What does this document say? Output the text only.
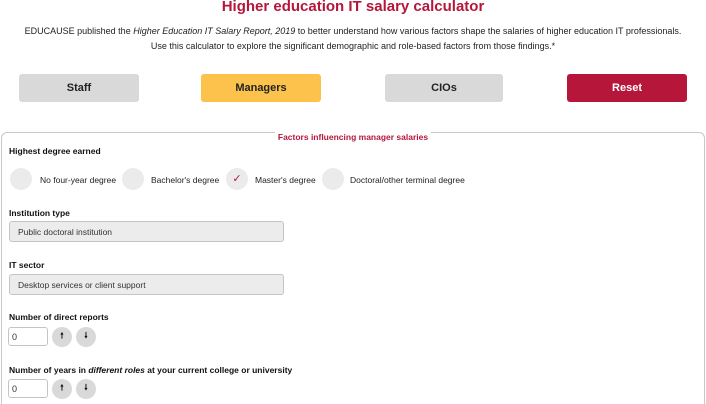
Higher education IT salary calculator
EDUCAUSE published the Higher Education IT Salary Report, 2019 to better understand how various factors shape the salaries of higher education IT professionals.
Use this calculator to explore the significant demographic and role-based factors from those findings.*
Staff	Managers	CIOs	Reset
Factors influencing manager salaries
Highest degree earned
No four-year degree	Bachelor's degree ✓ Master's degree	Doctoral/other terminal degree
Institution type
Public doctoral institution
IT sector
Desktop services or client support
Number of direct reports
0	🠕	🠗
Number of years in different roles at your current college or university
0	🠕	🠗
